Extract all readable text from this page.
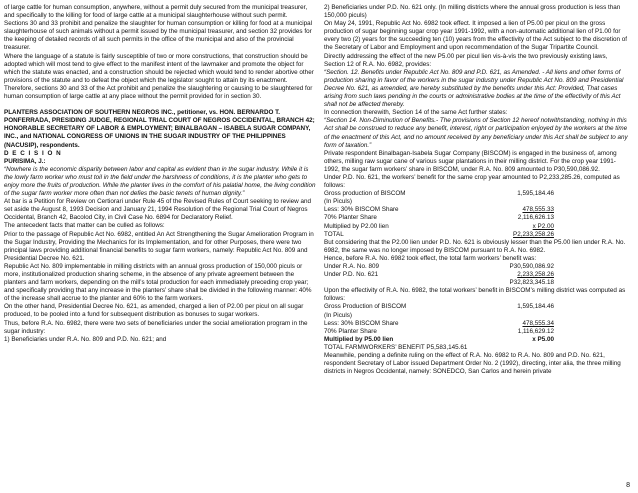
of large cattle for human consumption, anywhere, without a permit duly secured from the municipal treasurer, and specifically to the killing for food of large cattle at a municipal slaughterhouse without such permit.

Sections 30 and 33 prohibit and penalize the slaughter for human consumption or killing for food at a municipal slaughterhouse of such animals without a permit issued by the municipal treasurer, and section 32 provides for the keeping of detailed records of all such permits in the office of the municipal and also of the provincial treasurer.

Where the language of a statute is fairly susceptible of two or more constructions, that construction should be adopted which will most tend to give effect to the manifest intent of the lawmaker and promote the object for which the statute was enacted, and a construction should be rejected which would tend to render abortive other provisions of the statute and to defeat the object which the legislator sought to attain by its enactment. Therefore, sections 30 and 33 of the Act prohibit and penalize the slaughtering or causing to be slaughtered for human consumption of large cattle at any place without the permit provided for in section 30.

PLANTERS ASSOCIATION OF SOUTHERN NEGROS INC., petitioner, vs. HON. BERNARDO T. PONFERRADA, PRESIDING JUDGE, REGIONAL TRIAL COURT OF NEGROS OCCIDENTAL, BRANCH 42; HONORABLE SECRETARY OF LABOR & EMPLOYMENT; BINALBAGAN – ISABELA SUGAR COMPANY, INC., and NATIONAL CONGRESS OF UNIONS IN THE SUGAR INDUSTRY OF THE PHILIPPINES (NACUSIP), respondents.

D E C I S I O N

PURISIMA, J.:

“Nowhere is the economic disparity between labor and capital as evident than in the sugar industry. While it is the lowly farm worker who must toil in the field under the harshness of conditions, it is the planter who gets to enjoy more the fruits of production. While the planter lives in the comfort of his palatial home, the living condition of the sugar farm worker more often than not defies the basic tenets of human dignity.”

At bar is a Petition for Review on Certiorari under Rule 45 of the Revised Rules of Court seeking to review and set aside the August 8, 1993 Decision and January 21, 1994 Resolution of the Regional Trial Court of Negros Occidental, Branch 42, Bacolod City, in Civil Case No. 6894 for Declaratory Relief.

The antecedent facts that matter can be culled as follows:

Prior to the passage of Republic Act No. 6982, entitled An Act Strengthening the Sugar Amelioration Program in the Sugar Industry, Providing the Mechanics for its Implementation, and for other Purposes, there were two principal laws providing additional financial benefits to sugar farm workers, namely: Republic Act No. 809 and Presidential Decree No. 621.

Republic Act No. 809 implementable in milling districts with an annual gross production of 150,000 piculs or more, institutionalized production sharing scheme, in the absence of any private agreement between the planters and farm workers, depending on the mill’s total production for each immediately preceding crop year; and specifically providing that any increase in the planters’ share shall be divided in the following manner: 40% of the increase shall accrue to the planter and 60% to the farm workers.

On the other hand, Presidential Decree No. 621, as amended, charged a lien of P2.00 per picul on all sugar produced, to be pooled into a fund for subsequent distribution as bonuses to sugar workers.

Thus, before R.A. No. 6982, there were two sets of beneficiaries under the social amelioration program in the sugar industry:

1) Beneficiaries under R.A. No. 809 and P.D. No. 621; and

2) Beneficiaries under P.D. No. 621 only. (In milling districts where the annual gross production is less than 150,000 piculs)

On May 24, 1991, Republic Act No. 6982 took effect. It imposed a lien of P5.00 per picul on the gross production of sugar beginning sugar crop year 1991-1992, with a non-automatic additional lien of P1.00 for every two (2) years for the succeeding ten (10) years from the effectivity of the Act subject to the discretion of the Secretary of Labor and Employment and upon recommendation of the Sugar Tripartite Council.

Directly addressing the effect of the new P5.00 per picul lien vis-à-vis the two previously existing laws, Section 12 of R.A. No. 6982, provides:

“Section. 12. Benefits under Republic Act No. 809 and P.D. 621, as Amended. - All liens and other forms of production sharing in favor of the workers in the sugar industry under Republic Act No. 809 and Presidential Decree No. 621, as amended, are hereby substituted by the benefits under this Act: Provided, That cases arising from such laws pending in the courts or administrative bodies at the time of the effectivity of this Act shall not be affected thereby.

In connection therewith, Section 14 of the same Act further states:

“Section 14. Non-Diminution of Benefits.- The provisions of Section 12 hereof notwithstanding, nothing in this Act shall be construed to reduce any benefit, interest, right or participation enjoyed by the workers at the time of the enactment of this Act, and no amount received by any beneficiary under this Act shall be subject to any form of taxation.”

Private respondent Binalbagan-Isabela Sugar Company (BISCOM) is engaged in the business of, among others, milling raw sugar cane of various sugar plantations in their milling district. For the crop year 1991-1992, the sugar farm workers’ share in BISCOM, under R.A. No. 809 amounted to P30,590,086.92.

Under P.D. No. 621, the workers’ benefit for the same crop year amounted to P2,233,285.26, computed as follows:

Gross production of BISCOM	1,595,184.46
(In Piculs)
Less: 30% BISCOM Share	478,555.33
70% Planter Share	2,116,626.13
Multiplied by P2.00 lien	x P2.00
TOTAL	P2,233,258.26

But considering that the P2.00 lien under P.D. No. 621 is obviously lesser than the P5.00 lien under R.A. No. 6982, the same was no longer imposed by BISCOM pursuant to R.A. No. 6982.

Hence, before R.A. No. 6982 took effect, the total farm workers’ benefit was:

Under R.A. No. 809	P30,590,086.92
Under P.D. No. 621	2,233,258.26
P32,823,345.18

Upon the effectivity of R.A. No. 6982, the total workers’ benefit in BISCOM’s milling district was computed as follows:

Gross Production of BISCOM	1,595,184.46
(In Piculs)
Less: 30% BISCOM Share	478,555.34
70% Planter Share	1,116,629.12
Multiplied by P5.00 lien	x P5.00

TOTAL FARMWORKERS’ BENEFIT P5,583,145.61

Meanwhile, pending a definite ruling on the effect of R.A. No. 6982 to R.A. No. 809 and P.D. No. 621, respondent Secretary of Labor issued Department Order No. 2 (1992), directing, inter alia, the three milling districts in Negros Occidental, namely: SONEDCO, San Carlos and herein private

8
